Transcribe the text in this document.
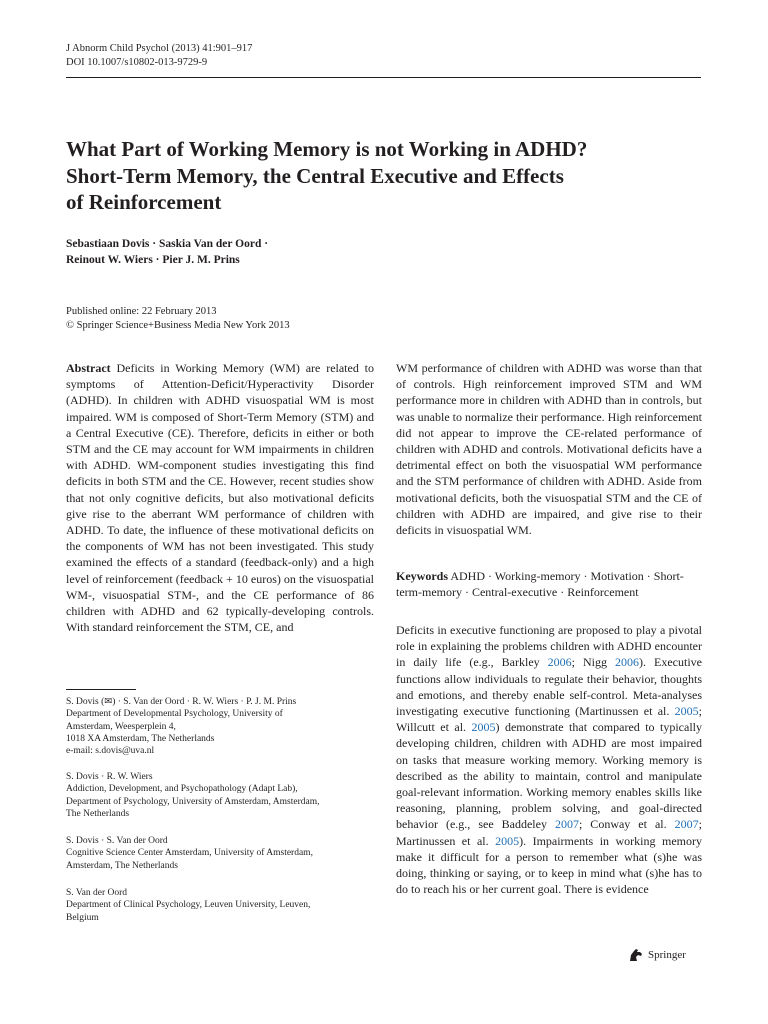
J Abnorm Child Psychol (2013) 41:901–917
DOI 10.1007/s10802-013-9729-9
What Part of Working Memory is not Working in ADHD?
Short-Term Memory, the Central Executive and Effects
of Reinforcement
Sebastiaan Dovis · Saskia Van der Oord ·
Reinout W. Wiers · Pier J. M. Prins
Published online: 22 February 2013
© Springer Science+Business Media New York 2013

Abstract Deficits in Working Memory (WM) are related to symptoms of Attention-Deficit/Hyperactivity Disorder (ADHD). In children with ADHD visuospatial WM is most impaired. WM is composed of Short-Term Memory (STM) and a Central Executive (CE). Therefore, deficits in either or both STM and the CE may account for WM impairments in children with ADHD. WM-component studies investigating this find deficits in both STM and the CE. However, recent studies show that not only cognitive deficits, but also motivational deficits give rise to the aberrant WM performance of children with ADHD. To date, the influence of these motivational deficits on the components of WM has not been investigated. This study examined the effects of a standard (feedback-only) and a high level of reinforcement (feedback + 10 euros) on the visuospatial WM-, visuospatial STM-, and the CE performance of 86 children with ADHD and 62 typically-developing controls. With standard reinforcement the STM, CE, and

WM performance of children with ADHD was worse than that of controls. High reinforcement improved STM and WM performance more in children with ADHD than in controls, but was unable to normalize their performance. High reinforcement did not appear to improve the CE-related performance of children with ADHD and controls. Motivational deficits have a detrimental effect on both the visuospatial WM performance and the STM performance of children with ADHD. Aside from motivational deficits, both the visuospatial STM and the CE of children with ADHD are impaired, and give rise to their deficits in visuospatial WM.

Keywords ADHD · Working-memory · Motivation · Short-term-memory · Central-executive · Reinforcement
Deficits in executive functioning are proposed to play a pivotal role in explaining the problems children with ADHD encounter in daily life (e.g., Barkley 2006; Nigg 2006). Executive functions allow individuals to regulate their behavior, thoughts and emotions, and thereby enable self-control. Meta-analyses investigating executive functioning (Martinussen et al. 2005; Willcutt et al. 2005) demonstrate that compared to typically developing children, children with ADHD are most impaired on tasks that measure working memory. Working memory is described as the ability to maintain, control and manipulate goal-relevant information. Working memory enables skills like reasoning, planning, problem solving, and goal-directed behavior (e.g., see Baddeley 2007; Conway et al. 2007; Martinussen et al. 2005). Impairments in working memory make it difficult for a person to remember what (s)he was doing, thinking or saying, or to keep in mind what (s)he has to do to reach his or her current goal. There is evidence
S. Dovis (✉) · S. Van der Oord · R. W. Wiers · P. J. M. Prins
Department of Developmental Psychology, University of
Amsterdam, Weesperplein 4,
1018 XA Amsterdam, The Netherlands
e-mail: s.dovis@uva.nl
S. Dovis · R. W. Wiers
Addiction, Development, and Psychopathology (Adapt Lab),
Department of Psychology, University of Amsterdam, Amsterdam,
The Netherlands
S. Dovis · S. Van der Oord
Cognitive Science Center Amsterdam, University of Amsterdam,
Amsterdam, The Netherlands
S. Van der Oord
Department of Clinical Psychology, Leuven University, Leuven,
Belgium
Springer
